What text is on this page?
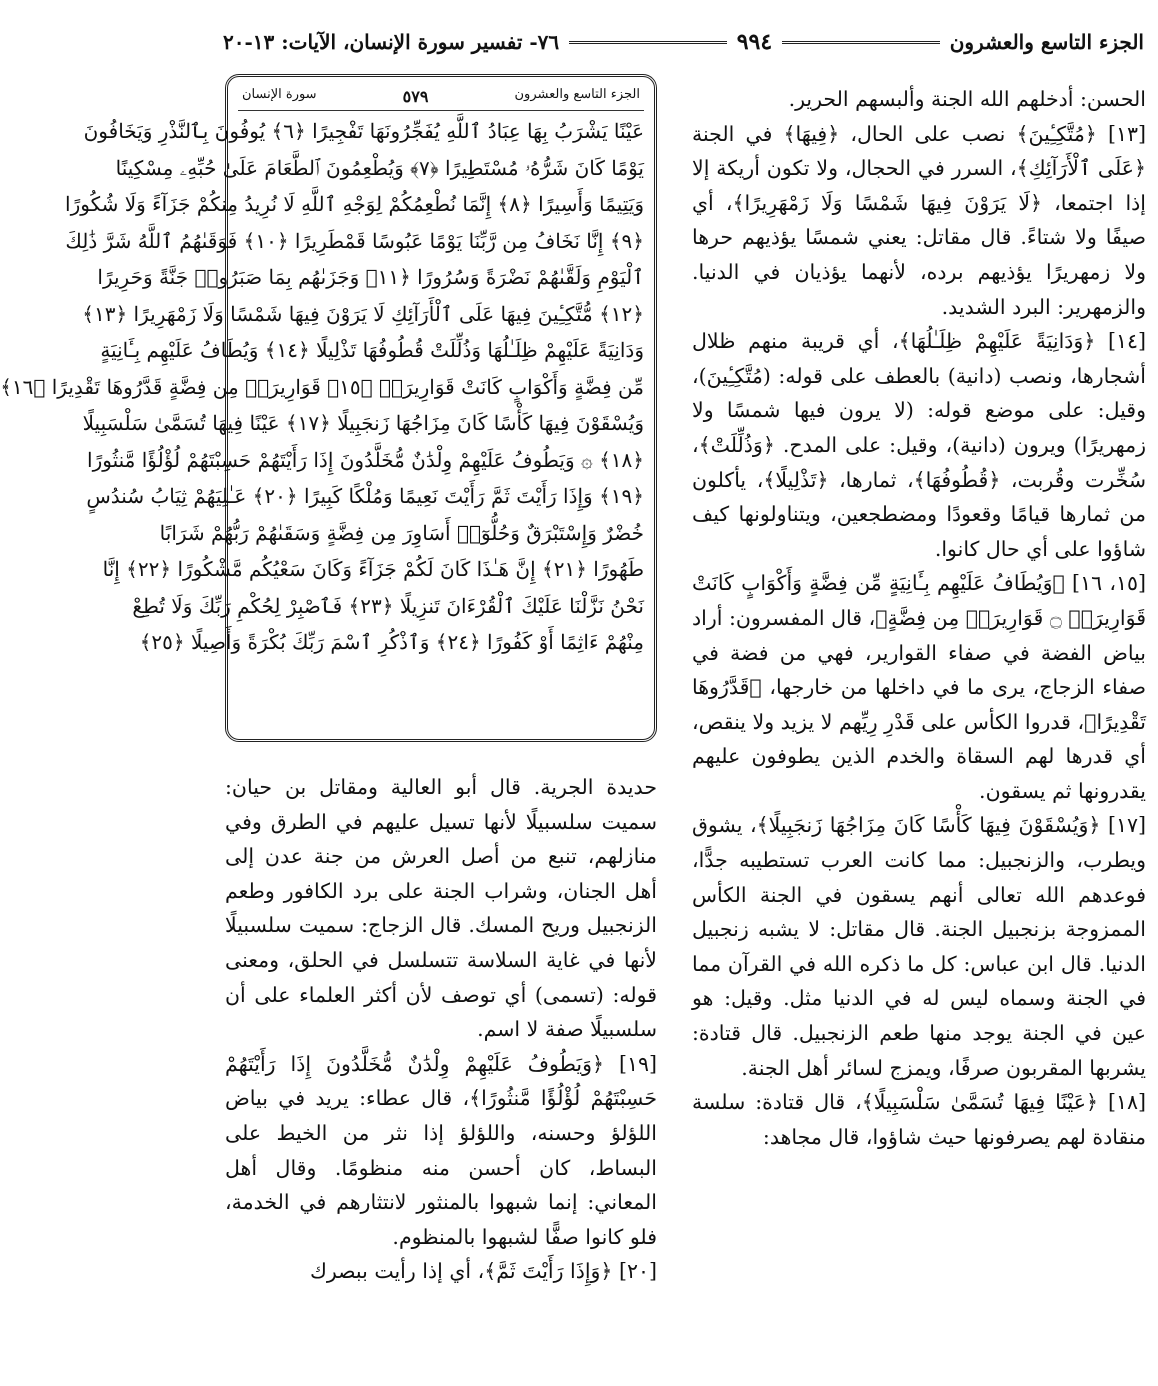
الجزء التاسع والعشرون
٩٩٤
٧٦- تفسير سورة الإنسان، الآيات: ١٣-٢٠

الحسن: أدخلهم الله الجنة وألبسهم الحرير.

[١٣] ﴿مُتَّكِـِٔينَ﴾ نصب على الحال، ﴿فِيهَا﴾ في الجنة ﴿عَلَى ٱلْأَرَآئِكِ﴾، السرر في الحجال، ولا تكون أريكة إلا إذا اجتمعا، ﴿لَا يَرَوْنَ فِيهَا شَمْسًا وَلَا زَمْهَرِيرًا﴾، أي صيفًا ولا شتاءً. قال مقاتل: يعني شمسًا يؤذيهم حرها ولا زمهريرًا يؤذيهم برده، لأنهما يؤذيان في الدنيا. والزمهرير: البرد الشديد.

[١٤] ﴿وَدَانِيَةً عَلَيْهِمْ ظِلَـٰلُهَا﴾، أي قريبة منهم ظلال أشجارها، ونصب (دانية) بالعطف على قوله: (مُتَّكِـِٔينَ)، وقيل: على موضع قوله: (لا يرون فيها شمسًا ولا زمهريرًا) ويرون (دانية)، وقيل: على المدح. ﴿وَذُلِّلَتْ﴾، سُخِّرت وقُربت، ﴿قُطُوفُهَا﴾، ثمارها، ﴿تَذْلِيلًا﴾، يأكلون من ثمارها قيامًا وقعودًا ومضطجعين، ويتناولونها كيف شاؤوا على أي حال كانوا.

[١٥، ١٦] ﴿وَيُطَافُ عَلَيْهِم بِـَٔانِيَةٍ مِّن فِضَّةٍ وَأَكْوَابٍ كَانَتْ قَوَارِيرَا۠ ۝ قَوَارِيرَا۟ مِن فِضَّةٍ﴾، قال المفسرون: أراد بياض الفضة في صفاء القوارير، فهي من فضة في صفاء الزجاج، يرى ما في داخلها من خارجها، ﴿قَدَّرُوهَا تَقْدِيرًا﴾، قدروا الكأس على قَدْرِ رِيِّهم لا يزيد ولا ينقص، أي قدرها لهم السقاة والخدم الذين يطوفون عليهم يقدرونها ثم يسقون.

[١٧] ﴿وَيُسْقَوْنَ فِيهَا كَأْسًا كَانَ مِزَاجُهَا زَنجَبِيلًا﴾، يشوق ويطرب، والزنجبيل: مما كانت العرب تستطيبه جدًّا، فوعدهم الله تعالى أنهم يسقون في الجنة الكأس الممزوجة بزنجبيل الجنة. قال مقاتل: لا يشبه زنجبيل الدنيا. قال ابن عباس: كل ما ذكره الله في القرآن مما في الجنة وسماه ليس له في الدنيا مثل. وقيل: هو عين في الجنة يوجد منها طعم الزنجبيل. قال قتادة: يشربها المقربون صرفًا، ويمزج لسائر أهل الجنة.

[١٨] ﴿عَيْنًا فِيهَا تُسَمَّىٰ سَلْسَبِيلًا﴾، قال قتادة: سلسة منقادة لهم يصرفونها حيث شاؤوا، قال مجاهد:

الجزء التاسع والعشرون
٥٧٩
سورة الإنسان
عَيْنًا يَشْرَبُ بِهَا عِبَادُ ٱللَّهِ يُفَجِّرُونَهَا تَفْجِيرًا ﴿٦﴾ يُوفُونَ بِٱلنَّذْرِ وَيَخَافُونَ
يَوْمًا كَانَ شَرُّهُۥ مُسْتَطِيرًا ﴿٧﴾ وَيُطْعِمُونَ ٱلطَّعَامَ عَلَىٰ حُبِّهِۦ مِسْكِينًا
وَيَتِيمًا وَأَسِيرًا ﴿٨﴾ إِنَّمَا نُطْعِمُكُمْ لِوَجْهِ ٱللَّهِ لَا نُرِيدُ مِنكُمْ جَزَآءً وَلَا شُكُورًا
﴿٩﴾ إِنَّا نَخَافُ مِن رَّبِّنَا يَوْمًا عَبُوسًا قَمْطَرِيرًا ﴿١٠﴾ فَوَقَىٰهُمُ ٱللَّهُ شَرَّ ذَٰلِكَ
ٱلْيَوْمِ وَلَقَّىٰهُمْ نَضْرَةً وَسُرُورًا ﴿١١﴾ وَجَزَىٰهُم بِمَا صَبَرُوا۟ جَنَّةً وَحَرِيرًا
﴿١٢﴾ مُّتَّكِـِٔينَ فِيهَا عَلَى ٱلْأَرَآئِكِ لَا يَرَوْنَ فِيهَا شَمْسًا وَلَا زَمْهَرِيرًا ﴿١٣﴾
وَدَانِيَةً عَلَيْهِمْ ظِلَـٰلُهَا وَذُلِّلَتْ قُطُوفُهَا تَذْلِيلًا ﴿١٤﴾ وَيُطَافُ عَلَيْهِم بِـَٔانِيَةٍ
مِّن فِضَّةٍ وَأَكْوَابٍ كَانَتْ قَوَارِيرَا۠ ﴿١٥﴾ قَوَارِيرَا۟ مِن فِضَّةٍ قَدَّرُوهَا تَقْدِيرًا ﴿١٦﴾
وَيُسْقَوْنَ فِيهَا كَأْسًا كَانَ مِزَاجُهَا زَنجَبِيلًا ﴿١٧﴾ عَيْنًا فِيهَا تُسَمَّىٰ سَلْسَبِيلًا
﴿١٨﴾ ۞ وَيَطُوفُ عَلَيْهِمْ وِلْدَٰنٌ مُّخَلَّدُونَ إِذَا رَأَيْتَهُمْ حَسِبْتَهُمْ لُؤْلُؤًا مَّنثُورًا
﴿١٩﴾ وَإِذَا رَأَيْتَ ثَمَّ رَأَيْتَ نَعِيمًا وَمُلْكًا كَبِيرًا ﴿٢٠﴾ عَـٰلِيَهُمْ ثِيَابُ سُندُسٍ
خُضْرٌ وَإِسْتَبْرَقٌ وَحُلُّوٓا۟ أَسَاوِرَ مِن فِضَّةٍ وَسَقَىٰهُمْ رَبُّهُمْ شَرَابًا
طَهُورًا ﴿٢١﴾ إِنَّ هَـٰذَا كَانَ لَكُمْ جَزَآءً وَكَانَ سَعْيُكُم مَّشْكُورًا ﴿٢٢﴾ إِنَّا
نَحْنُ نَزَّلْنَا عَلَيْكَ ٱلْقُرْءَانَ تَنزِيلًا ﴿٢٣﴾ فَٱصْبِرْ لِحُكْمِ رَبِّكَ وَلَا تُطِعْ
مِنْهُمْ ءَاثِمًا أَوْ كَفُورًا ﴿٢٤﴾ وَٱذْكُرِ ٱسْمَ رَبِّكَ بُكْرَةً وَأَصِيلًا ﴿٢٥﴾

حديدة الجرية. قال أبو العالية ومقاتل بن حيان: سميت سلسبيلًا لأنها تسيل عليهم في الطرق وفي منازلهم، تنبع من أصل العرش من جنة عدن إلى أهل الجنان، وشراب الجنة على برد الكافور وطعم الزنجبيل وريح المسك. قال الزجاج: سميت سلسبيلًا لأنها في غاية السلاسة تتسلسل في الحلق، ومعنى قوله: (تسمى) أي توصف لأن أكثر العلماء على أن سلسبيلًا صفة لا اسم.

[١٩] ﴿وَيَطُوفُ عَلَيْهِمْ وِلْدَٰنٌ مُّخَلَّدُونَ إِذَا رَأَيْتَهُمْ حَسِبْتَهُمْ لُؤْلُؤًا مَّنثُورًا﴾، قال عطاء: يريد في بياض اللؤلؤ وحسنه، واللؤلؤ إذا نثر من الخيط على البساط، كان أحسن منه منظومًا. وقال أهل المعاني: إنما شبهوا بالمنثور لانتثارهم في الخدمة، فلو كانوا صفًّا لشبهوا بالمنظوم.

[٢٠] ﴿وَإِذَا رَأَيْتَ ثَمَّ﴾، أي إذا رأيت ببصرك
